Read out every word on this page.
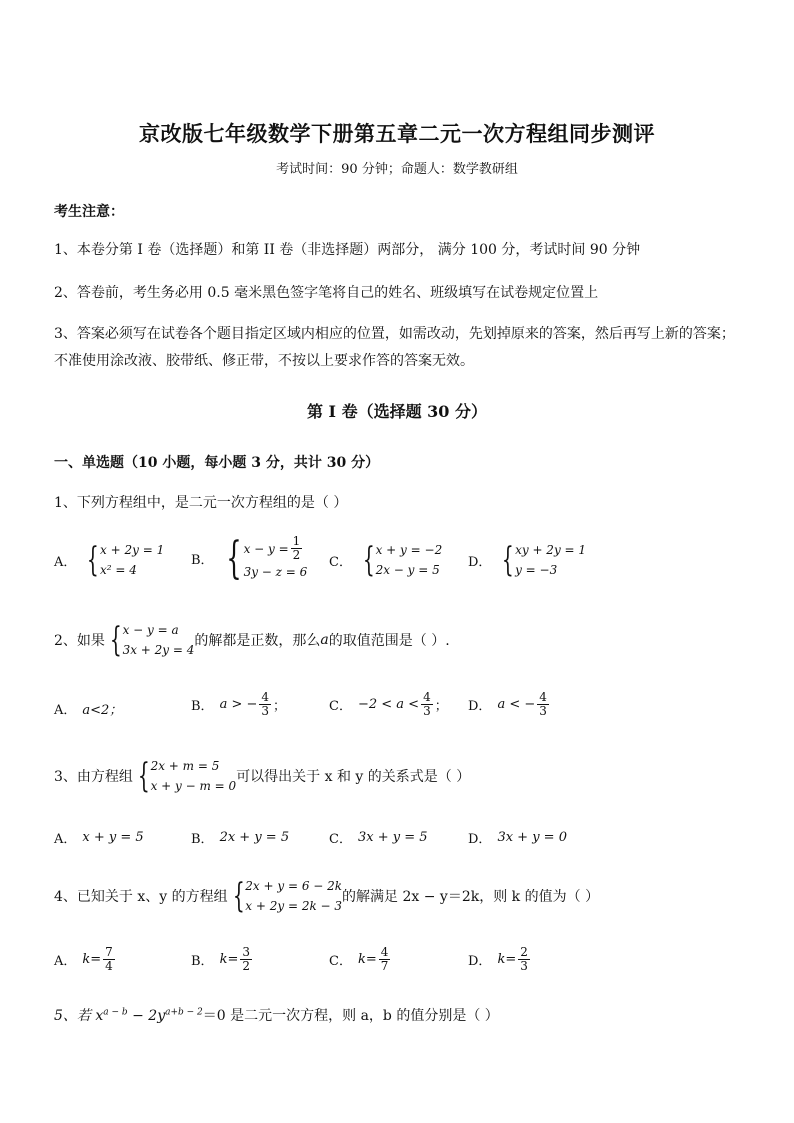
京改版七年级数学下册第五章二元一次方程组同步测评
考试时间：90 分钟；命题人：数学教研组
考生注意：
1、本卷分第 I 卷（选择题）和第 II 卷（非选择题）两部分， 满分 100 分，考试时间 90 分钟
2、答卷前，考生务必用 0.5 毫米黑色签字笔将自己的姓名、班级填写在试卷规定位置上
3、答案必须写在试卷各个题目指定区域内相应的位置，如需改动，先划掉原来的答案，然后再写上新的答案；不准使用涂改液、胶带纸、修正带，不按以上要求作答的答案无效。
第 I 卷（选择题 30 分）
一、单选题（10 小题，每小题 3 分，共计 30 分）
1、下列方程组中，是二元一次方程组的是（ ）
A． { x + 2y = 1
x² = 4
B． { $x - y = \frac{1}{2}$
3y − z = 6
C． { x + y = −2
2x − y = 5
D． { xy + 2y = 1
y = −3
2、如果 { x − y = a
3x + 2y = 4
的解都是正数，那么 a 的取值范围是（ ）.
A． a<2；	B． a > − $\frac{4}{3}$ ；	C． $-2 < a < \frac{4}{3}$ ； D． a < − $\frac{4}{3}$
3、由方程组 { 2x + m = 5
x + y − m = 0
可以得出关于 x 和 y 的关系式是（ ）
A． x + y = 5	B． 2x + y = 5	C． 3x + y = 5	D． 3x + y = 0
4、已知关于 x、y 的方程组 { 2x + y = 6 − 2k
x + 2y = 2k − 3
的解满足 2x − y＝2k，则 k 的值为（ ）
A． $k= \frac{7}{4}$	B． $k= \frac{3}{2}$	C． $k= \frac{4}{7}$	D． $k= \frac{2}{3}$
5、若 $x^{a - b} - 2y^{a+b - 2}=0$ 是二元一次方程，则 a，b 的值分别是（ ）
